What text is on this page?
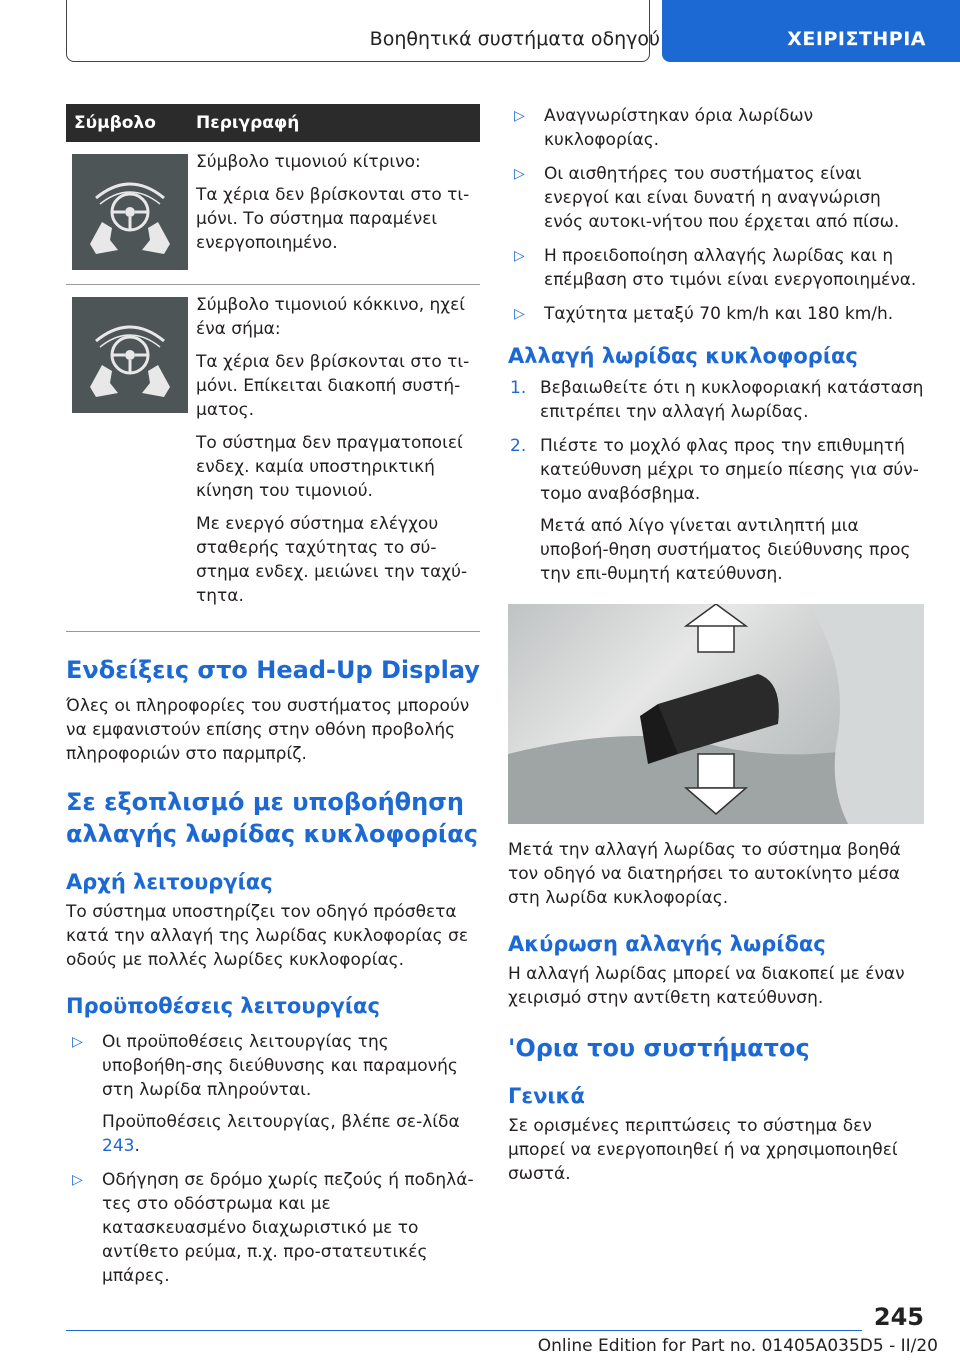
Βοηθητικά συστήματα οδηγού	ΧΕΙΡΙΣΤΗΡΙΑ
Σύμβολο Περιγραφή

Σύμβολο τιμονιού κίτρινο:

Τα χέρια δεν βρίσκονται στο τι-μόνι. Το σύστημα παραμένει ενεργοποιημένο.

Σύμβολο τιμονιού κόκκινο, ηχεί ένα σήμα:

Τα χέρια δεν βρίσκονται στο τι-μόνι. Επίκειται διακοπή συστή-ματος.

Το σύστημα δεν πραγματοποιεί ενδεχ. καμία υποστηρικτική κίνηση του τιμονιού.

Με ενεργό σύστημα ελέγχου σταθερής ταχύτητας το σύ-στημα ενδεχ. μειώνει την ταχύ-τητα.

Ενδείξεις στο Head-Up Display

Όλες οι πληροφορίες του συστήματος μπορούν να εμφανιστούν επίσης στην οθόνη προβολής πληροφοριών στο παρμπρίζ.

Σε εξοπλισμό με υποβοήθηση αλλαγής λωρίδας κυκλοφορίας
Αρχή λειτουργίας

Το σύστημα υποστηρίζει τον οδηγό πρόσθετα κατά την αλλαγή της λωρίδας κυκλοφορίας σε οδούς με πολλές λωρίδες κυκλοφορίας.

Προϋποθέσεις λειτουργίας
▷	Οι προϋποθέσεις λειτουργίας της υποβοήθη-σης διεύθυνσης και παραμονής στη λωρίδα πληρούνται.

Προϋποθέσεις λειτουργίας, βλέπε σε-λίδα 243.

▷	Οδήγηση σε δρόμο χωρίς πεζούς ή ποδηλά-τες στο οδόστρωμα και με κατασκευασμένο διαχωριστικό με το αντίθετο ρεύμα, π.χ. προ-στατευτικές μπάρες.

▷	Αναγνωρίστηκαν όρια λωρίδων κυκλοφορίας.

▷	Οι αισθητήρες του συστήματος είναι ενεργοί και είναι δυνατή η αναγνώριση ενός αυτοκι-νήτου που έρχεται από πίσω.

▷	Η προειδοποίηση αλλαγής λωρίδας και η επέμβαση στο τιμόνι είναι ενεργοποιημένα.

▷	Ταχύτητα μεταξύ 70 km/h και 180 km/h.

Αλλαγή λωρίδας κυκλοφορίας
1. Βεβαιωθείτε ότι η κυκλοφοριακή κατάσταση επιτρέπει την αλλαγή λωρίδας.

2. Πιέστε το μοχλό φλας προς την επιθυμητή κατεύθυνση μέχρι το σημείο πίεσης για σύν-τομο αναβόσβημα.

Μετά από λίγο γίνεται αντιληπτή μια υποβοή-θηση συστήματος διεύθυνσης προς την επι-θυμητή κατεύθυνση.

Μετά την αλλαγή λωρίδας το σύστημα βοηθά τον οδηγό να διατηρήσει το αυτοκίνητο μέσα στη λωρίδα κυκλοφορίας.

Ακύρωση αλλαγής λωρίδας

Η αλλαγή λωρίδας μπορεί να διακοπεί με έναν χειρισμό στην αντίθετη κατεύθυνση.

'Ορια του συστήματος
Γενικά

Σε ορισμένες περιπτώσεις το σύστημα δεν μπορεί να ενεργοποιηθεί ή να χρησιμοποιηθεί σωστά.

245
Online Edition for Part no. 01405A035D5 - II/20
